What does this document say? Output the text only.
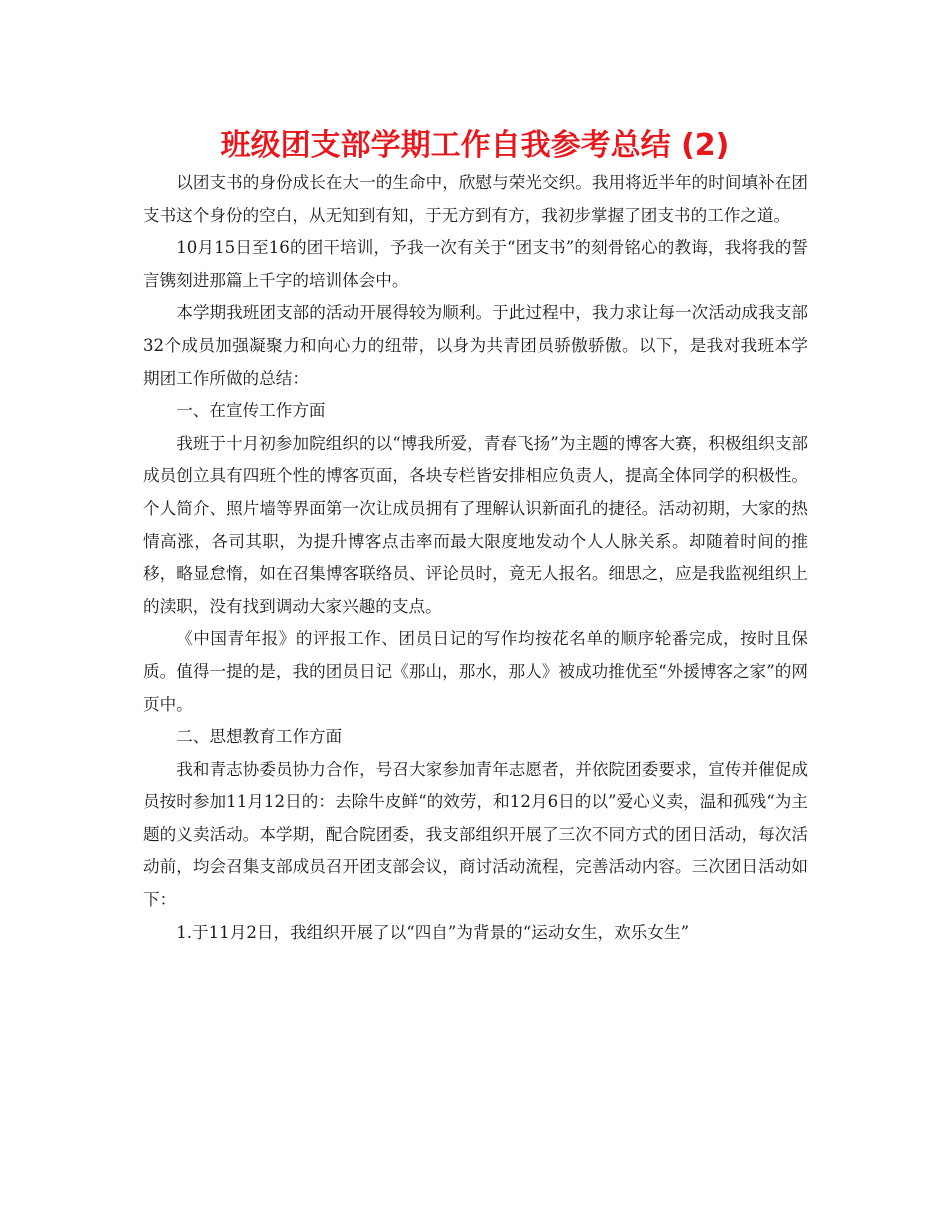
班级团支部学期工作自我参考总结 (2)

以团支书的身份成长在大一的生命中，欣慰与荣光交织。我用将近半年的时间填补在团支书这个身份的空白，从无知到有知，于无方到有方，我初步掌握了团支书的工作之道。

10月15日至16的团干培训，予我一次有关于“团支书”的刻骨铭心的教诲，我将我的誓言镌刻进那篇上千字的培训体会中。

本学期我班团支部的活动开展得较为顺利。于此过程中，我力求让每一次活动成我支部32个成员加强凝聚力和向心力的纽带，以身为共青团员骄傲骄傲。以下，是我对我班本学期团工作所做的总结：

一、在宣传工作方面

我班于十月初参加院组织的以“博我所爱，青春飞扬”为主题的博客大赛，积极组织支部成员创立具有四班个性的博客页面，各块专栏皆安排相应负责人，提高全体同学的积极性。个人简介、照片墙等界面第一次让成员拥有了理解认识新面孔的捷径。活动初期，大家的热情高涨，各司其职，为提升博客点击率而最大限度地发动个人人脉关系。却随着时间的推移，略显怠惰，如在召集博客联络员、评论员时，竟无人报名。细思之，应是我监视组织上的渎职，没有找到调动大家兴趣的支点。

《中国青年报》的评报工作、团员日记的写作均按花名单的顺序轮番完成，按时且保质。值得一提的是，我的团员日记《那山，那水，那人》被成功推优至“外援博客之家”的网页中。

二、思想教育工作方面

我和青志协委员协力合作，号召大家参加青年志愿者，并依院团委要求，宣传并催促成员按时参加11月12日的：去除牛皮鲜“的效劳，和12月6日的以”爱心义卖，温和孤残“为主题的义卖活动。本学期，配合院团委，我支部组织开展了三次不同方式的团日活动，每次活动前，均会召集支部成员召开团支部会议，商讨活动流程，完善活动内容。三次团日活动如下：

1.于11月2日，我组织开展了以“四自”为背景的“运动女生，欢乐女生”
